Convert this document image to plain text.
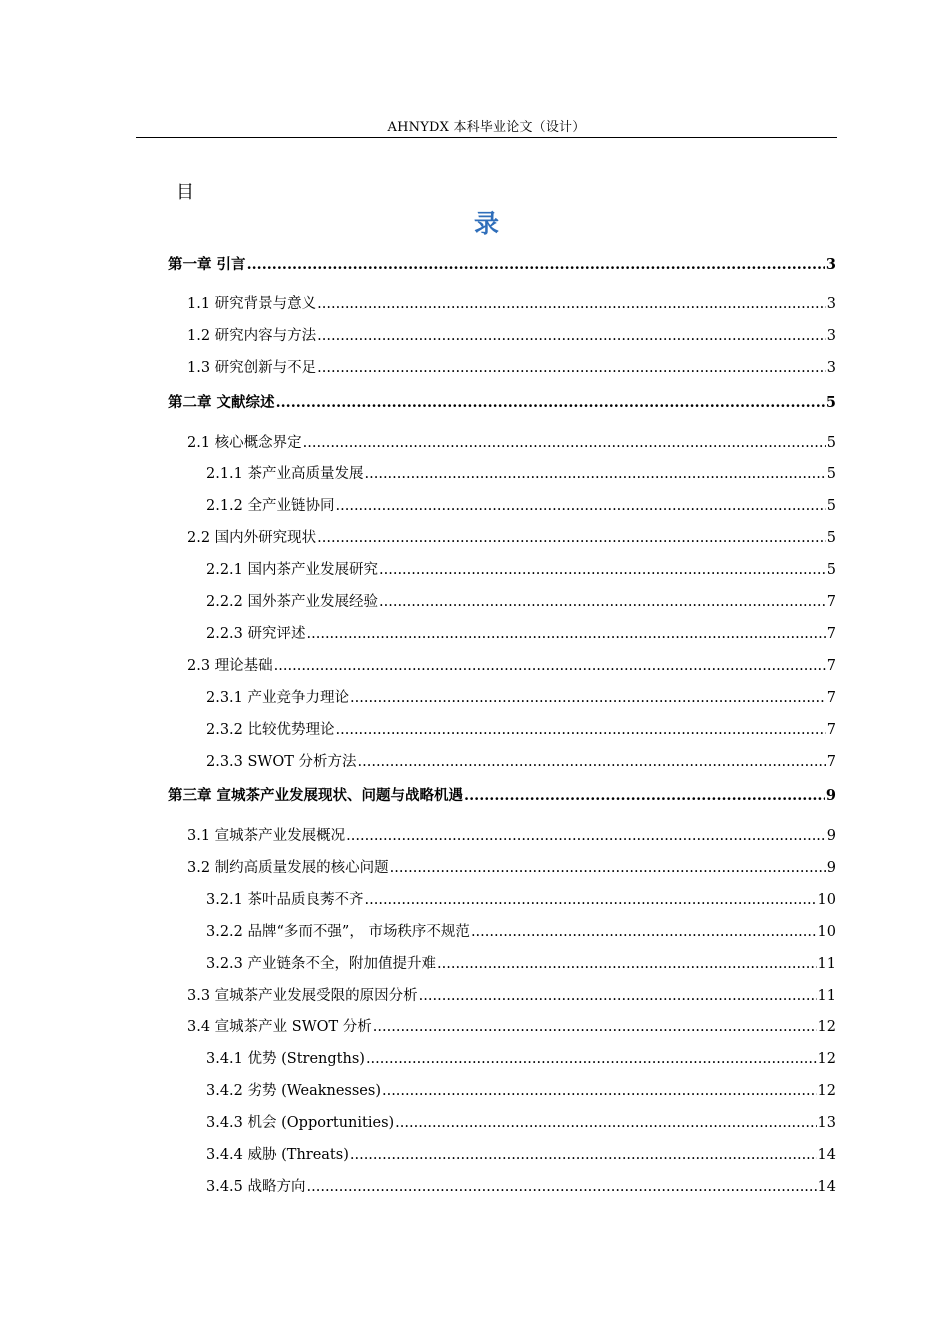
AHNYDX 本科毕业论文（设计）
目
录
第一章 引言 .....	3
1.1 研究背景与意义 .....	3
1.2 研究内容与方法 .....	3
1.3 研究创新与不足 .....	3
第二章 文献综述 .....	5
2.1 核心概念界定 .....	5
2.1.1 茶产业高质量发展 .....	5
2.1.2 全产业链协同 .....	5
2.2 国内外研究现状 .....	5
2.2.1 国内茶产业发展研究 .....	5
2.2.2 国外茶产业发展经验 .....	7
2.2.3 研究评述 .....	7
2.3 理论基础 .....	7
2.3.1 产业竞争力理论 .....	7
2.3.2 比较优势理论 .....	7
2.3.3 SWOT 分析方法 .....	7
第三章 宣城茶产业发展现状、问题与战略机遇 .....	9
3.1 宣城茶产业发展概况 .....	9
3.2 制约高质量发展的核心问题 .....	9
3.2.1 茶叶品质良莠不齐 .....	10
3.2.2 品牌“多而不强”， 市场秩序不规范 .....	10
3.2.3 产业链条不全，附加值提升难 .....	11
3.3 宣城茶产业发展受限的原因分析 .....	11
3.4 宣城茶产业 SWOT 分析 .....	12
3.4.1 优势 (Strengths) .....	12
3.4.2 劣势 (Weaknesses) .....	12
3.4.3 机会 (Opportunities) .....	13
3.4.4 威胁 (Threats) .....	14
3.4.5 战略方向 .....	14
